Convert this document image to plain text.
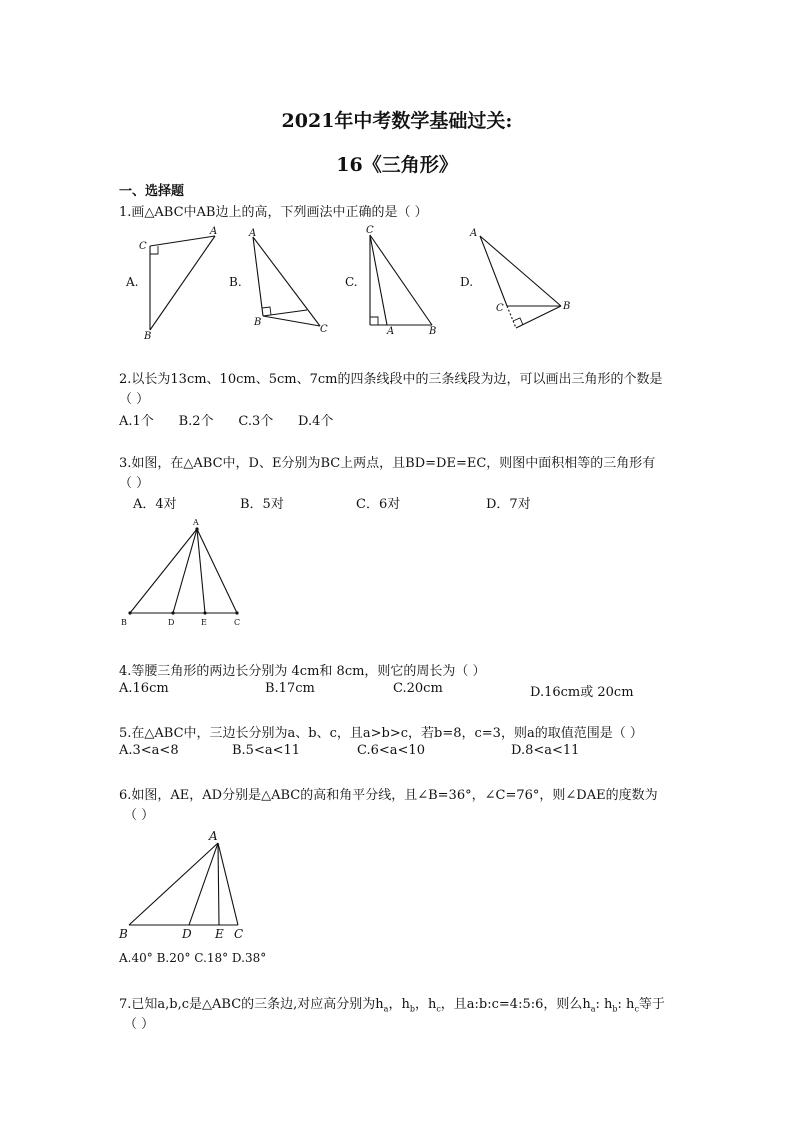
2021年中考数学基础过关:
16《三角形》
一、选择题
1.画△ABC中AB边上的高，下列画法中正确的是（ ）
A.	B.	C.	D.
C
A
B
A
B
C
C
A	B
A
C	B
A
B	D	E	C
A
B	D E C
2.以长为13cm、10cm、5cm、7cm的四条线段中的三条线段为边，可以画出三角形的个数是
（ ）
A.1个      B.2个      C.3个      D.4个
3.如图，在△ABC中，D、E分别为BC上两点，且BD=DE=EC，则图中面积相等的三角形有
（ ）
A．4对	B．5对	C．6对	D．7对
4.等腰三角形的两边长分别为 4cm和 8cm，则它的周长为（ ）
A.16cm	B.17cm	C.20cm	D.16cm或 20cm
5.在△ABC中，三边长分别为a、b、c，且a>b>c，若b=8，c=3，则a的取值范围是（ ）
A.3<a<8	B.5<a<11	C.6<a<10	D.8<a<11
6.如图，AE，AD分别是△ABC的高和角平分线，且∠B=36°，∠C=76°，则∠DAE的度数为
（ ）
A.40° B.20° C.18° D.38°
7.已知a,b,c是△ABC的三条边,对应高分别为$h_a$，$h_b$，$h_c$，且a:b:c=4:5:6，则么$h_a$: $h_b$: $h_c$等于
（ ）
